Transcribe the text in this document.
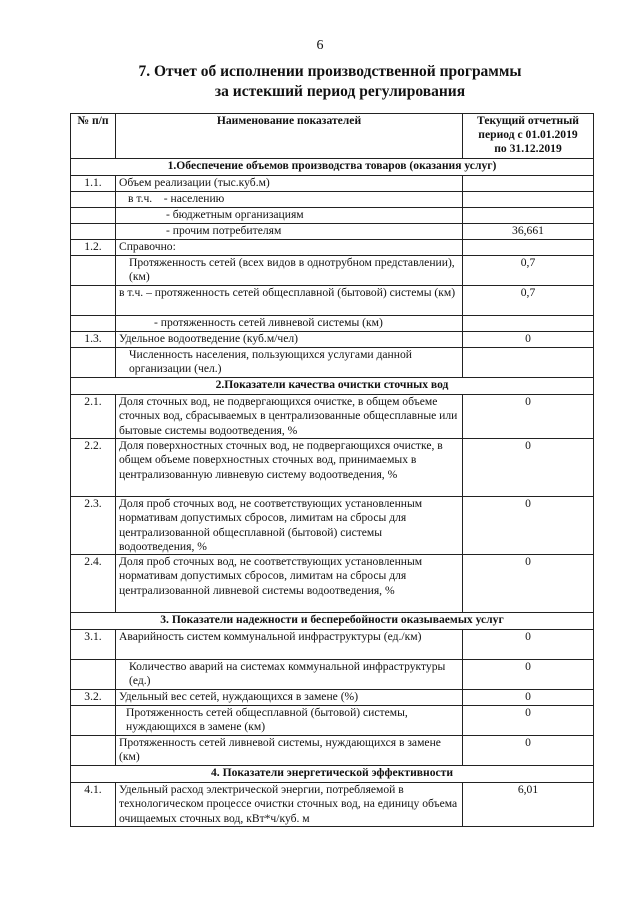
6
7. Отчет об исполнении производственной программы
за истекший период регулирования
№ п/п	Наименование показателей	Текущий отчетный
период с 01.01.2019
по 31.12.2019

1.Обеспечение объемов производства товаров (оказания услуг)		
1.1.	Объем реализации (тыс.куб.м)	
	в т.ч.    - населению	
	- бюджетным организациям	
	- прочим потребителям	36,661
1.2.	Справочно:	
	Протяженность сетей (всех видов в однотрубном представлении), (км)	0,7
	в т.ч. – протяженность сетей общесплавной (бытовой) системы (км)	0,7
	- протяженность сетей ливневой системы (км)	
1.3.	Удельное водоотведение (куб.м/чел)	0
	Численность населения, пользующихся услугами данной организации (чел.)	
2.Показатели качества очистки сточных вод		
2.1.	Доля сточных вод, не подвергающихся очистке, в общем объеме сточных вод, сбрасываемых в централизованные общесплавные или бытовые системы водоотведения, %	0
2.2.	Доля поверхностных сточных вод, не подвергающихся очистке, в общем объеме поверхностных сточных вод, принимаемых в централизованную ливневую систему водоотведения, %	0
2.3.	Доля проб сточных вод, не соответствующих установленным нормативам допустимых сбросов, лимитам на сбросы для централизованной общесплавной (бытовой) системы водоотведения, %	0
2.4.	Доля проб сточных вод, не соответствующих установленным нормативам допустимых сбросов, лимитам на сбросы для централизованной ливневой системы водоотведения, %	0
3. Показатели надежности и бесперебойности оказываемых услуг		
3.1.	Аварийность систем коммунальной инфраструктуры (ед./км)	0
	Количество аварий на системах коммунальной инфраструктуры (ед.)	0
3.2.	Удельный вес сетей, нуждающихся в замене (%)	0
	Протяженность сетей общесплавной (бытовой) системы, нуждающихся в замене (км)	0
	Протяженность сетей ливневой системы, нуждающихся в замене (км)	0
4. Показатели энергетической эффективности		
4.1.	Удельный расход электрической энергии, потребляемой в технологическом процессе очистки сточных вод, на единицу объема очищаемых сточных вод, кВт*ч/куб. м	6,01
